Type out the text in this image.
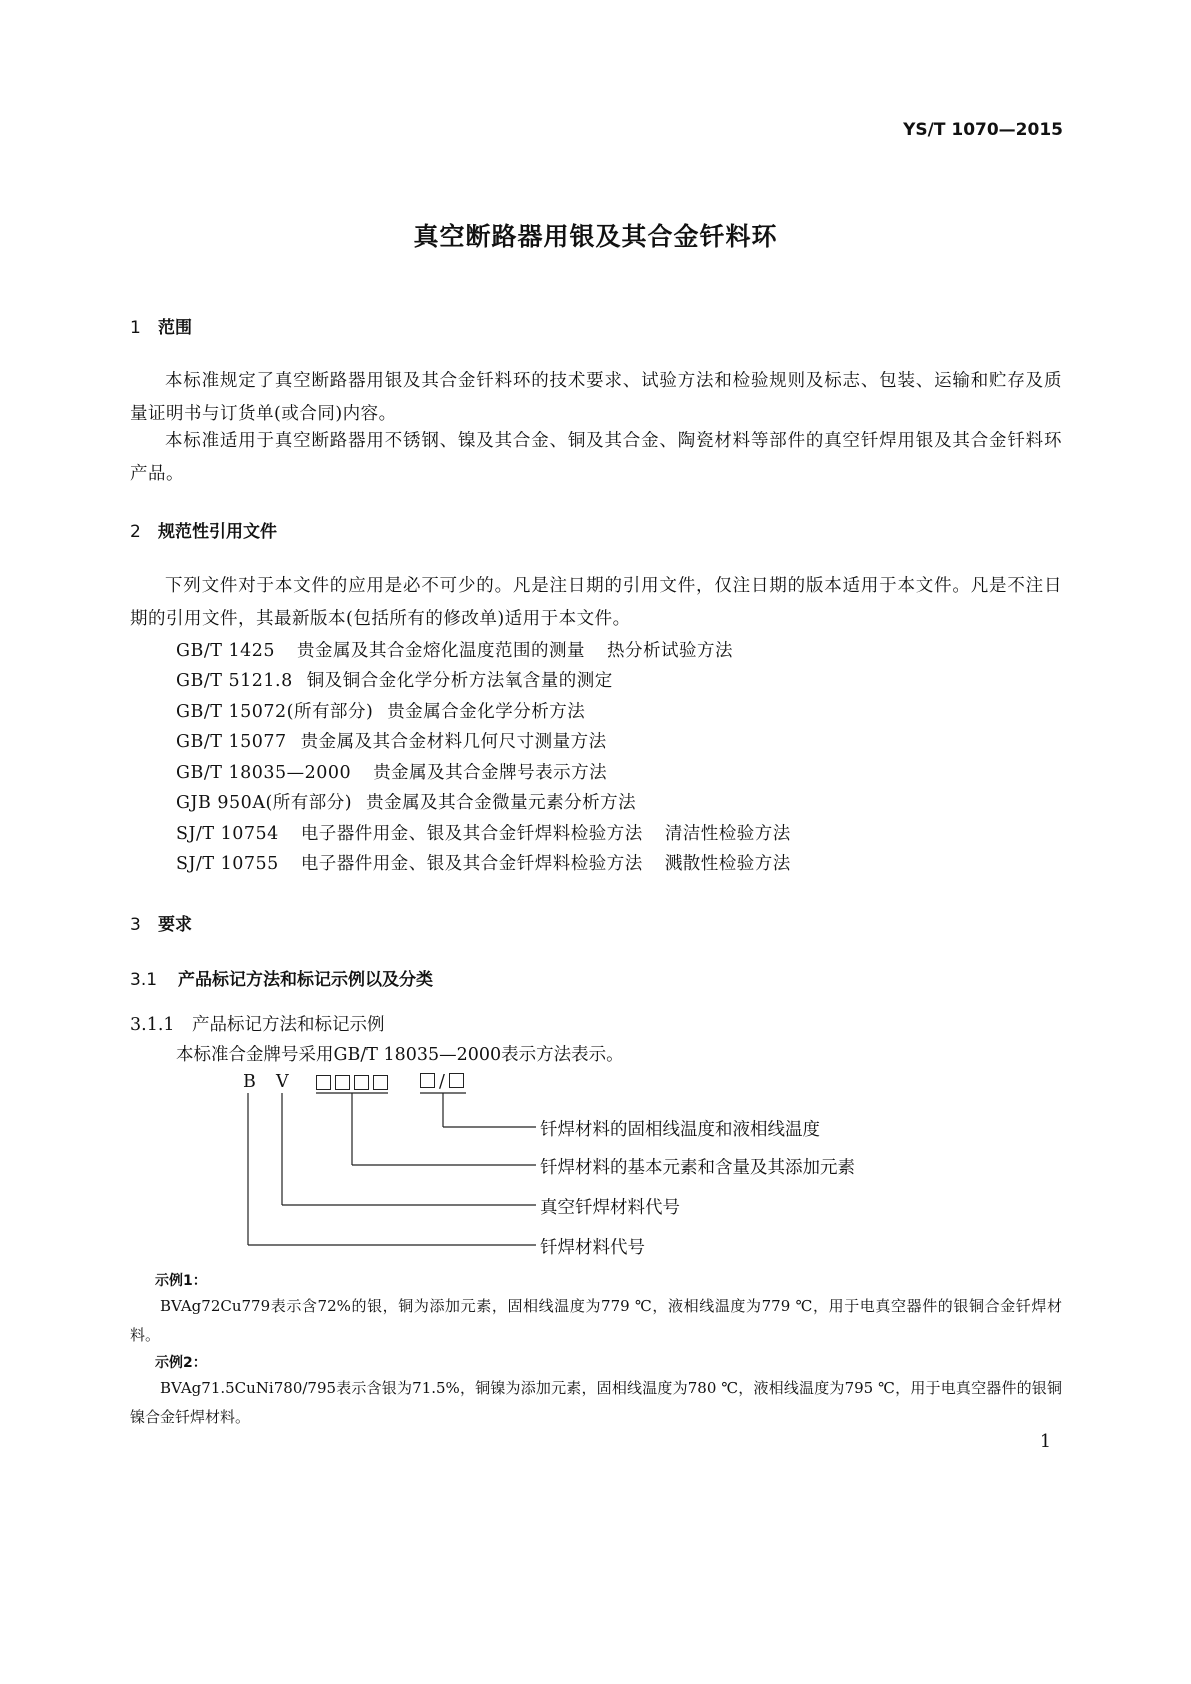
YS/T 1070—2015
真空断路器用银及其合金钎料环
1 范围
本标准规定了真空断路器用银及其合金钎料环的技术要求、试验方法和检验规则及标志、包装、运输和贮存及质量证明书与订货单(或合同)内容。
本标准适用于真空断路器用不锈钢、镍及其合金、铜及其合金、陶瓷材料等部件的真空钎焊用银及其合金钎料环产品。
2 规范性引用文件
下列文件对于本文件的应用是必不可少的。凡是注日期的引用文件，仅注日期的版本适用于本文件。凡是不注日期的引用文件，其最新版本(包括所有的修改单)适用于本文件。
GB/T 1425 贵金属及其合金熔化温度范围的测量 热分析试验方法
GB/T 5121.8 铜及铜合金化学分析方法氧含量的测定
GB/T 15072(所有部分) 贵金属合金化学分析方法
GB/T 15077 贵金属及其合金材料几何尺寸测量方法
GB/T 18035—2000 贵金属及其合金牌号表示方法
GJB 950A(所有部分) 贵金属及其合金微量元素分析方法
SJ/T 10754 电子器件用金、银及其合金钎焊料检验方法 清洁性检验方法
SJ/T 10755 电子器件用金、银及其合金钎焊料检验方法 溅散性检验方法
3 要求
3.1 产品标记方法和标记示例以及分类
3.1.1 产品标记方法和标记示例
本标准合金牌号采用GB/T 18035—2000表示方法表示。
B V	/
钎焊材料的固相线温度和液相线温度
钎焊材料的基本元素和含量及其添加元素
真空钎焊材料代号
钎焊材料代号
示例1：
BVAg72Cu779表示含72%的银，铜为添加元素，固相线温度为779 ℃，液相线温度为779 ℃，用于电真空器件的银铜合金钎焊材料。
示例2：
BVAg71.5CuNi780/795表示含银为71.5%，铜镍为添加元素，固相线温度为780 ℃，液相线温度为795 ℃，用于电真空器件的银铜镍合金钎焊材料。
1
